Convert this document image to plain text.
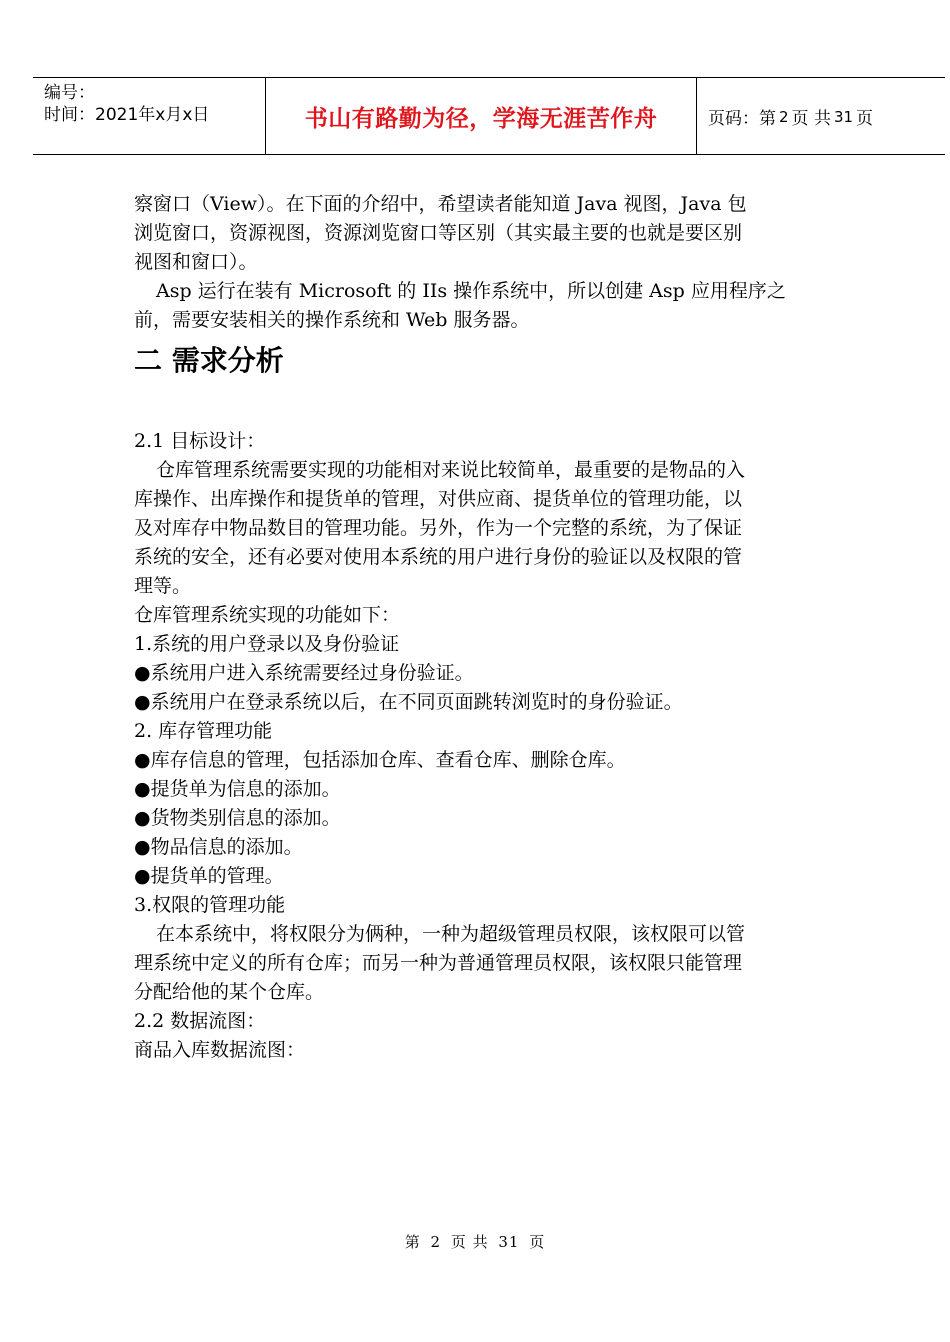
编号：
时间：2021年x月x日	书山有路勤为径，学海无涯苦作舟	页码：第 2 页 共 31 页

察窗口（View）。在下面的介绍中，希望读者能知道 Java 视图，Java 包

浏览窗口，资源视图，资源浏览窗口等区别（其实最主要的也就是要区别

视图和窗口）。

Asp 运行在装有 Microsoft 的 IIs 操作系统中，所以创建 Asp 应用程序之

前，需要安装相关的操作系统和 Web 服务器。

二 需求分析

2.1 目标设计：

仓库管理系统需要实现的功能相对来说比较简单，最重要的是物品的入

库操作、出库操作和提货单的管理，对供应商、提货单位的管理功能，以

及对库存中物品数目的管理功能。另外，作为一个完整的系统，为了保证

系统的安全，还有必要对使用本系统的用户进行身份的验证以及权限的管

理等。

仓库管理系统实现的功能如下：

1.系统的用户登录以及身份验证

● 系统用户进入系统需要经过身份验证。

● 系统用户在登录系统以后，在不同页面跳转浏览时的身份验证。

2. 库存管理功能

● 库存信息的管理，包括添加仓库、查看仓库、删除仓库。

● 提货单为信息的添加。

● 货物类别信息的添加。

● 物品信息的添加。

● 提货单的管理。

3.权限的管理功能

在本系统中，将权限分为俩种，一种为超级管理员权限，该权限可以管

理系统中定义的所有仓库；而另一种为普通管理员权限，该权限只能管理

分配给他的某个仓库。

2.2 数据流图：

商品入库数据流图：

第 2 页 共 31 页
